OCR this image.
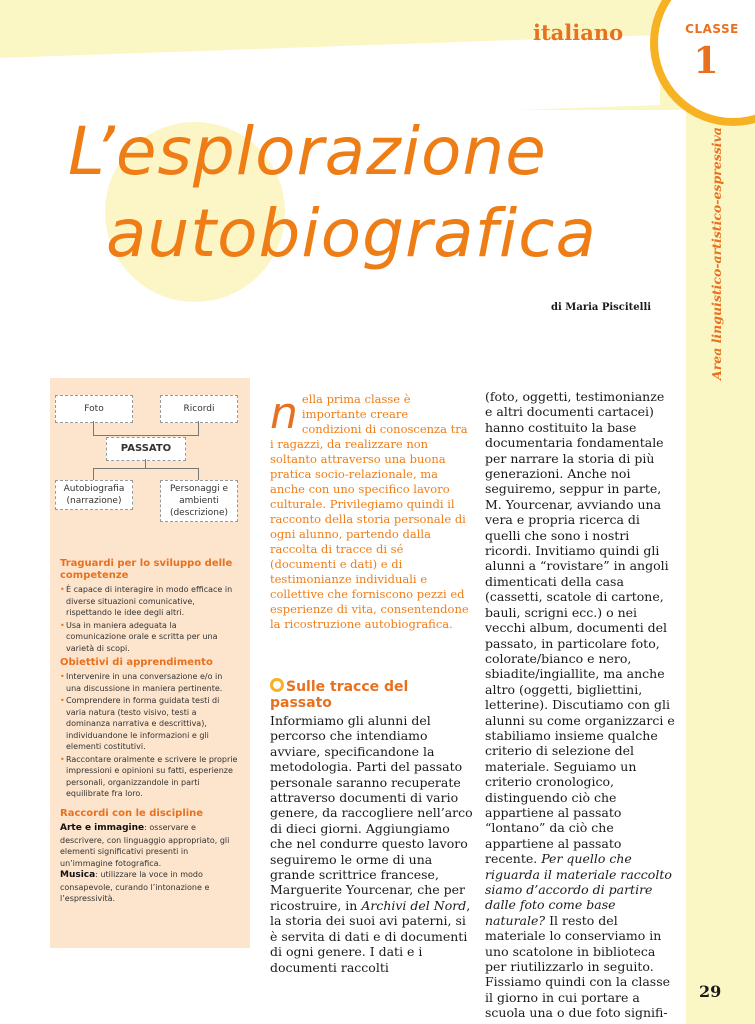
CLASSE
1
italiano
Area linguistico-artistico-espressiva
L’esplorazione
autobiografica
di Maria Piscitelli
Foto	Ricordi
PASSATO
Autobiografia
(narrazione)
Personaggi e
ambienti
(descrizione)
Traguardi per lo sviluppo delle competenze
• È capace di interagire in modo efficace in diverse situazioni comunicative, rispettando le idee degli altri.
• Usa in maniera adeguata la comunicazione orale e scritta per una varietà di scopi.
Obiettivi di apprendimento
• Intervenire in una conversazione e/o in una discussione in maniera pertinente.
• Comprendere in forma guidata testi di varia natura (testo visivo, testi a dominanza narrativa e descrittiva), individuandone le informazioni e gli elementi costitutivi.
• Raccontare oralmente e scrivere le proprie impressioni e opinioni su fatti, esperienze personali, organizzandole in parti equilibrate fra loro.
Raccordi con le discipline
Arte e immagine: osservare e descrivere, con linguaggio appropriato, gli elementi significativi presenti in un’immagine fotografica.
Musica: utilizzare la voce in modo consapevole, curando l’intonazione e l’espressività.
nella prima classe è importante creare condizioni di conoscenza tra i ragazzi, da realizzare non soltanto attraverso una buona pratica socio-relazionale, ma anche con uno specifico lavoro culturale. Privilegiamo quindi il racconto della storia personale di ogni alunno, partendo dalla raccolta di tracce di sé (documenti e dati) e di testimonianze individuali e collettive che forniscono pezzi ed esperienze di vita, consentendone la ricostruzione autobiografica.
Sulle tracce del passato
Informiamo gli alunni del percorso che intendiamo avviare, specificandone la metodologia. Parti del passato personale saranno recuperate attraverso documenti di vario genere, da raccogliere nell’arco di dieci giorni. Aggiungiamo che nel condurre questo lavoro seguiremo le orme di una grande scrittrice francese, Marguerite Yourcenar, che per ricostruire, in Archivi del Nord, la storia dei suoi avi paterni, si è servita di dati e di documenti di ogni genere. I dati e i documenti raccolti
(foto, oggetti, testimonianze e altri documenti cartacei) hanno costituito la base documentaria fondamentale per narrare la storia di più generazioni. Anche noi seguiremo, seppur in parte, M. Yourcenar, avviando una vera e propria ricerca di quelli che sono i nostri ricordi. Invitiamo quindi gli alunni a “rovistare” in angoli dimenticati della casa (cassetti, scatole di cartone, bauli, scrigni ecc.) o nei vecchi album, documenti del passato, in particolare foto, colorate/bianco e nero, sbiadite/ingiallite, ma anche altro (oggetti, bigliettini, letterine). Discutiamo con gli alunni su come organizzarci e stabiliamo insieme qualche criterio di selezione del materiale. Seguiamo un criterio cronologico, distinguendo ciò che appartiene al passato “lontano” da ciò che appartiene al passato recente. Per quello che riguarda il materiale raccolto siamo d’accordo di partire dalle foto come base naturale? Il resto del materiale lo conserviamo in uno scatolone in biblioteca per riutilizzarlo in seguito. Fissiamo quindi con la classe il giorno in cui portare a scuola una o due foto signifi-
29
